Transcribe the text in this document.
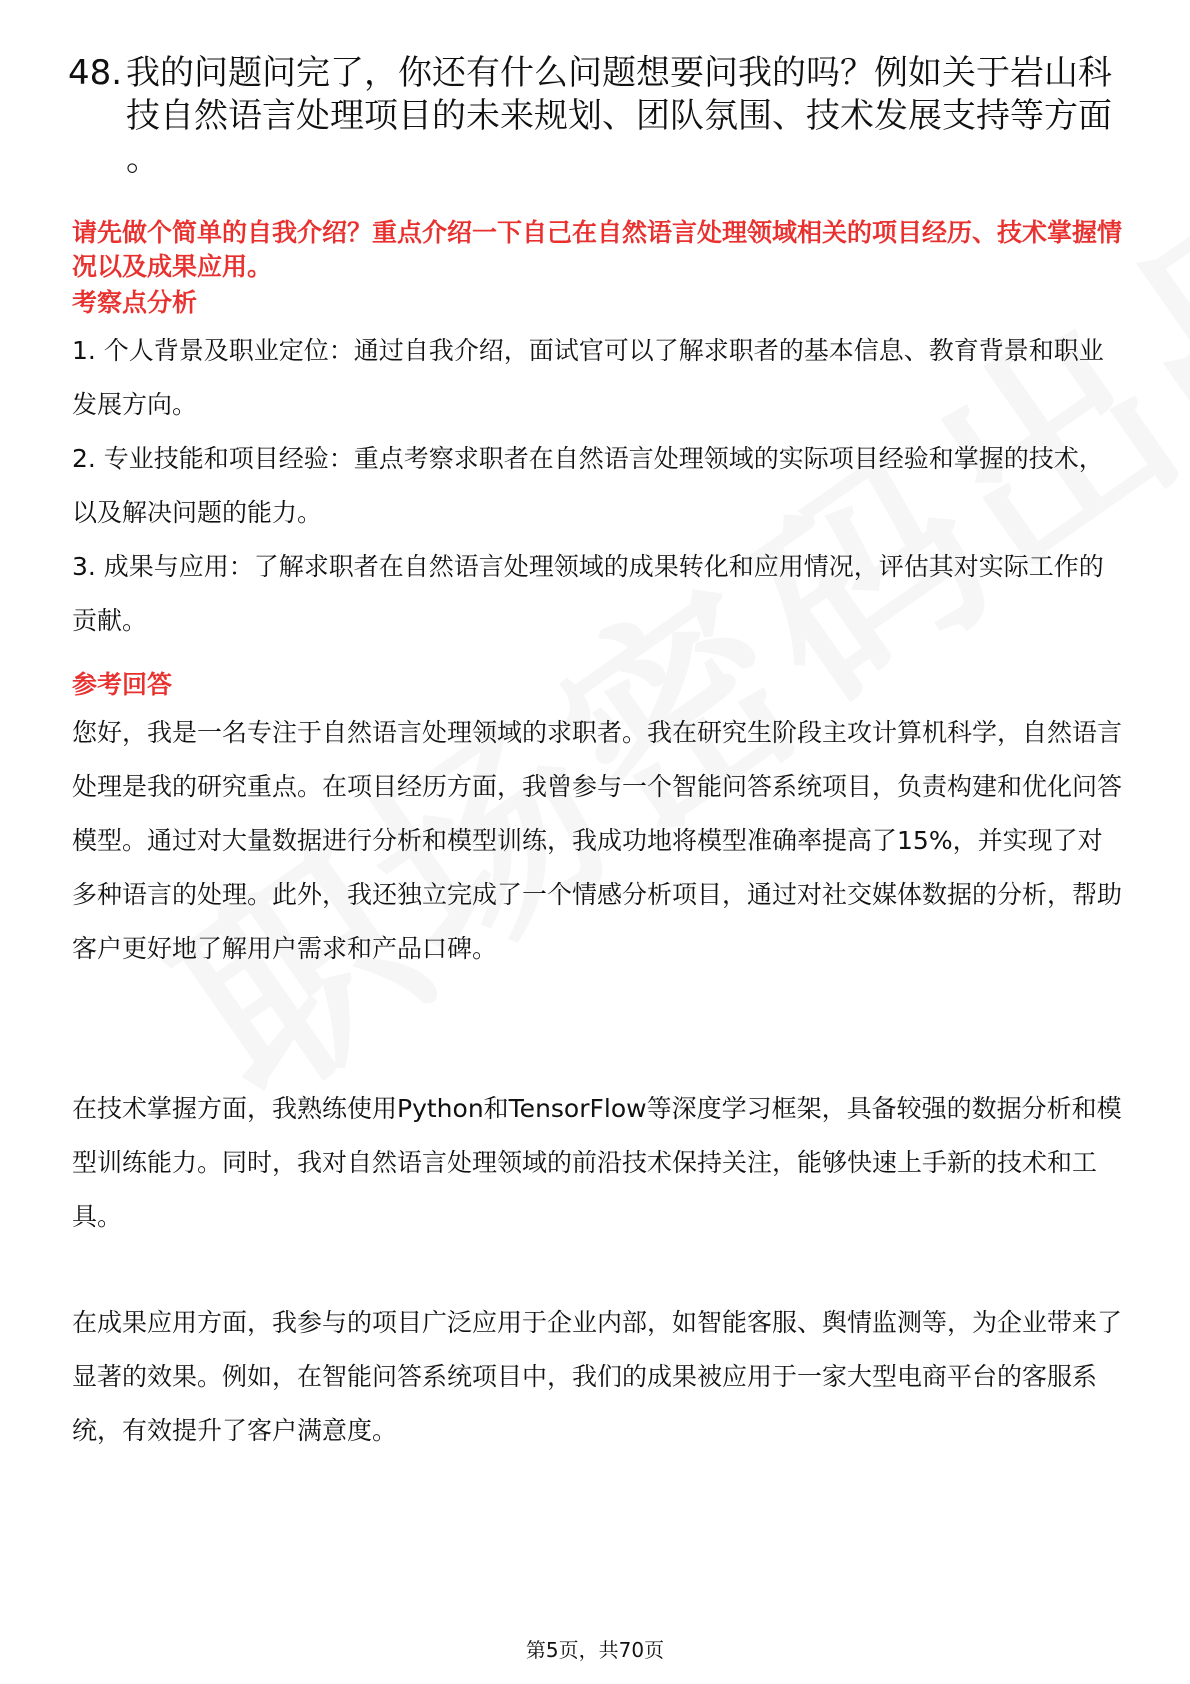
48. 我的问题问完了，你还有什么问题想要问我的吗？例如关于岩山科技自然语言处理项目的未来规划、团队氛围、技术发展支持等方面 。
请先做个简单的自我介绍？重点介绍一下自己在自然语言处理领域相关的项目经历、技术掌握情况以及成果应用。
考察点分析

1. 个人背景及职业定位：通过自我介绍，面试官可以了解求职者的基本信息、教育背景和职业发展方向。

2. 专业技能和项目经验：重点考察求职者在自然语言处理领域的实际项目经验和掌握的技术，以及解决问题的能力。

3. 成果与应用：了解求职者在自然语言处理领域的成果转化和应用情况，评估其对实际工作的贡献。

参考回答
您好，我是一名专注于自然语言处理领域的求职者。我在研究生阶段主攻计算机科学，自然语言处理是我的研究重点。在项目经历方面，我曾参与一个智能问答系统项目，负责构建和优化问答模型。通过对大量数据进行分析和模型训练，我成功地将模型准确率提高了15%，并实现了对多种语言的处理。此外，我还独立完成了一个情感分析项目，通过对社交媒体数据的分析，帮助客户更好地了解用户需求和产品口碑。
在技术掌握方面，我熟练使用Python和TensorFlow等深度学习框架，具备较强的数据分析和模型训练能力。同时，我对自然语言处理领域的前沿技术保持关注，能够快速上手新的技术和工具。
在成果应用方面，我参与的项目广泛应用于企业内部，如智能客服、舆情监测等，为企业带来了显著的效果。例如，在智能问答系统项目中，我们的成果被应用于一家大型电商平台的客服系统，有效提升了客户满意度。
第5页，共70页
